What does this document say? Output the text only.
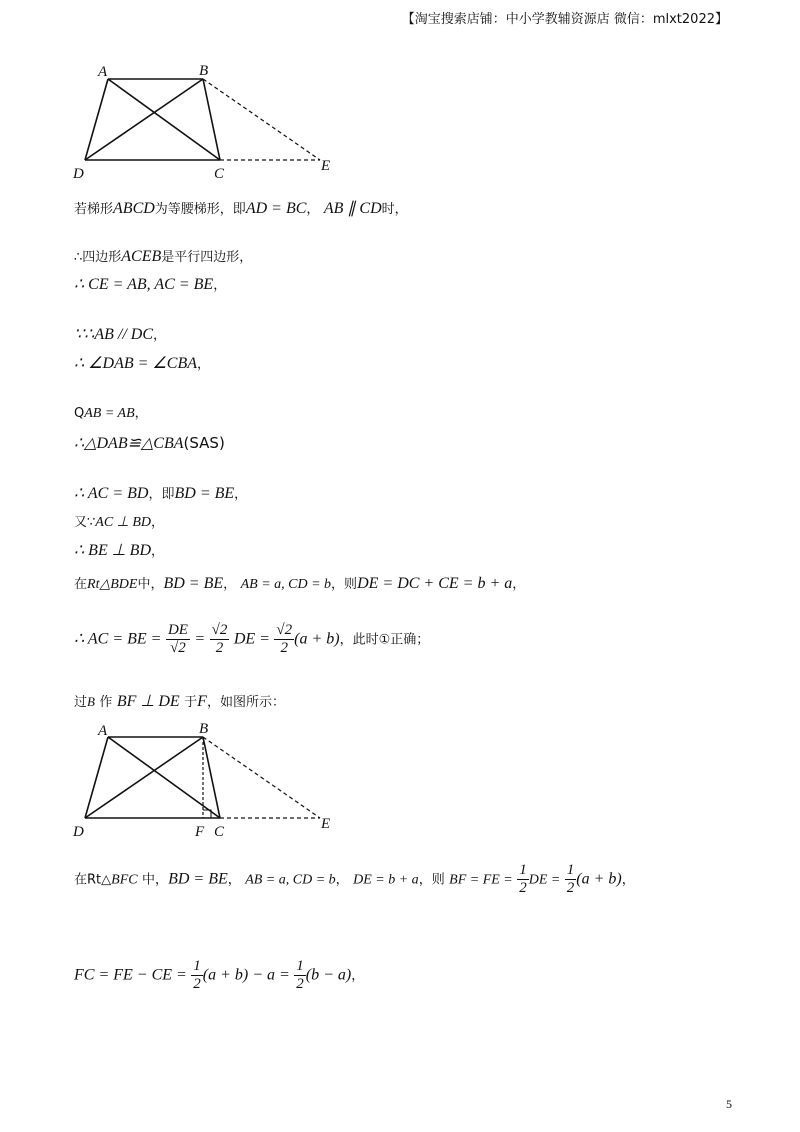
【淘宝搜索店铺：中小学教辅资源店 微信：mlxt2022】
A	B
D	C	E
A	B
D	F C	E
若梯形ABCD为等腰梯形，即AD = BC， AB ∥ CD时，
∴四边形ACEB是平行四边形，
∴ CE = AB, AC = BE，
∵∴AB // DC，
∴ ∠DAB = ∠CBA，
QAB = AB，
∴△DAB≌△CBA(SAS)
∴ AC = BD，即BD = BE，
又∵AC ⊥ BD，
∴ BE ⊥ BD，
在Rt△BDE中，BD = BE， AB = a, CD = b，则DE = DC + CE = b + a，
∴ AC = BE = $\frac{DE}{√2} = \frac{√2}{2}$ DE = $\frac{√2}{2} (a + b)$，此时①正确；
过B 作 BF ⊥ DE 于F，如图所示：
在Rt△BFC 中，BD = BE， AB = a, CD = b， DE = b + a，则 BF = FE = $\frac{1}{2}$ DE = $\frac{1}{2} (a + b)$，
FC = FE − CE = $\frac{1}{2} (a + b) - a = \frac{1}{2} (b - a)$，
5
